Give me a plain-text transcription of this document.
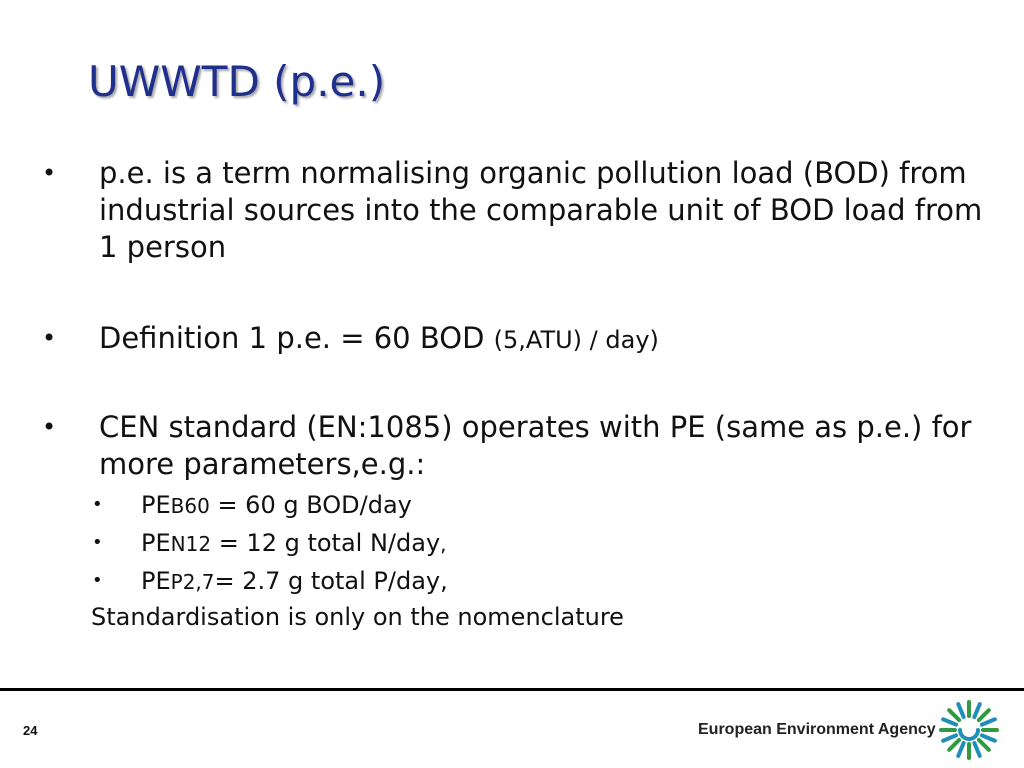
UWWTD (p.e.)
• p.e. is a term normalising organic pollution load (BOD) from industrial sources into the comparable unit of BOD load from 1 person
• Definition 1 p.e. = 60 BOD (5,ATU) / day)
• CEN standard (EN:1085) operates with PE (same as p.e.) for more parameters,e.g.:
• PEB60 = 60 g BOD/day
• PEN12 = 12 g total N/day,
• PEP2,7= 2.7 g total P/day,
Standardisation is only on the nomenclature
24	European Environment Agency
